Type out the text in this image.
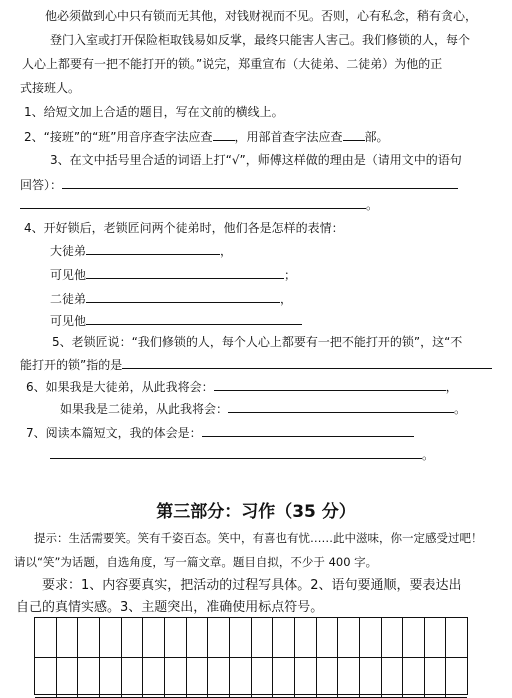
他必须做到心中只有锁而无其他，对钱财视而不见。否则，心有私念，稍有贪心，
登门入室或打开保险柜取钱易如反掌，最终只能害人害己。我们修锁的人，每个
人心上都要有一把不能打开的锁。”说完，郑重宣布（大徒弟、二徒弟）为他的正
式接班人。
1、给短文加上合适的题目，写在文前的横线上。
2、“接班”的“班”用音序查字法应查 ，用部首查字法应查 部。
3、在文中括号里合适的词语上打“√”，师傅这样做的理由是（请用文中的语句
回答）：
。
4、开好锁后，老锁匠问两个徒弟时，他们各是怎样的表情：
大徒弟	，
可见他	；
二徒弟	，
可见他
5、老锁匠说：“我们修锁的人，每个人心上都要有一把不能打开的锁”，这“不
能打开的锁”指的是
6、如果我是大徒弟，从此我将会：	，
如果我是二徒弟，从此我将会：	。
7、阅读本篇短文，我的体会是：
。
第三部分：习作（35 分）
提示：生活需要笑。笑有千姿百态。笑中，有喜也有忧……此中滋味，你一定感受过吧！
请以“笑”为话题，自选角度，写一篇文章。题目自拟，不少于 400 字。
要求：1、内容要真实，把活动的过程写具体。2、语句要通顺，要表达出
自己的真情实感。3、主题突出，准确使用标点符号。
